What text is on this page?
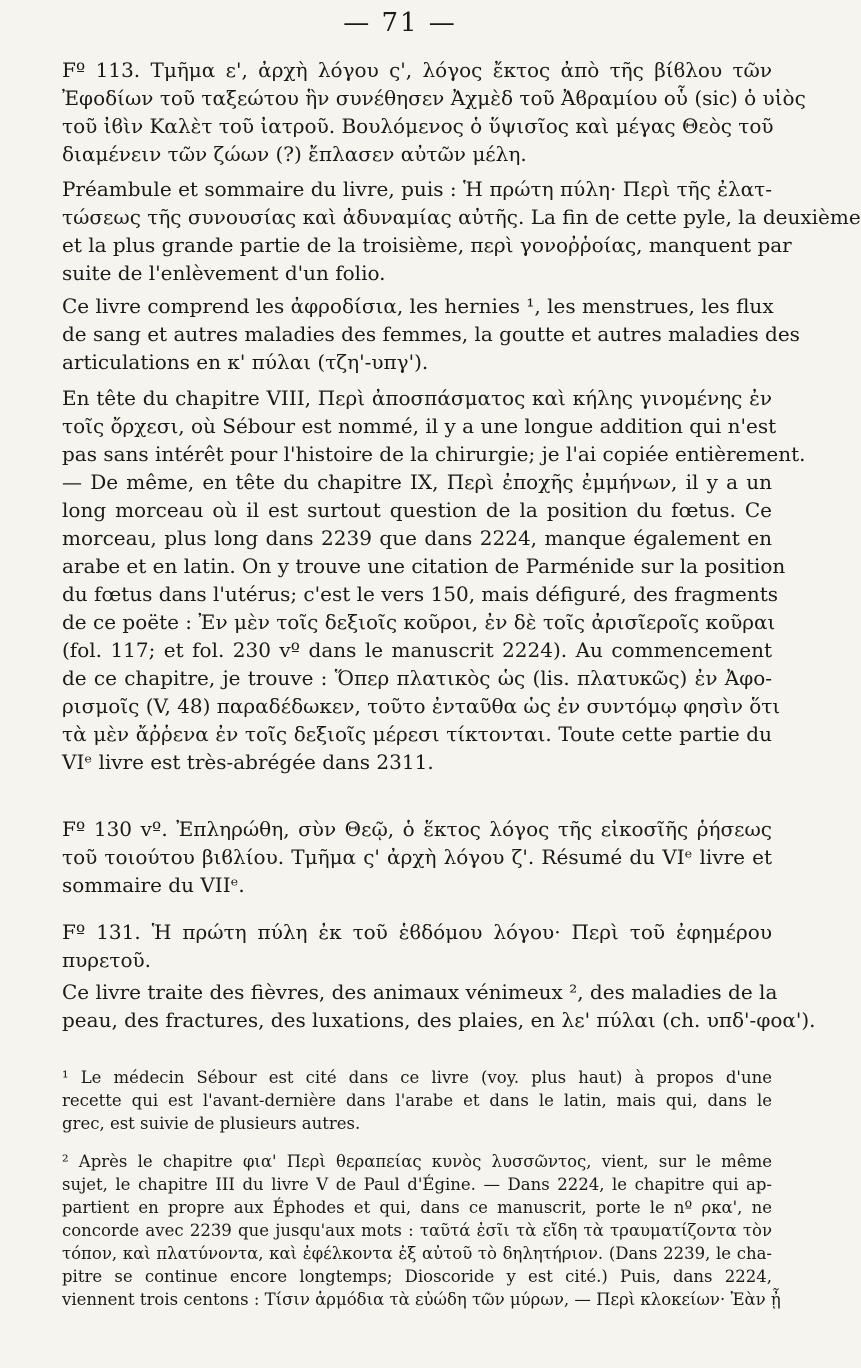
— 71 —
Fº 113. Τμῆμα ε', ἀρχὴ λόγου ς', λόγος ἔκτος ἀπὸ τῆς βίϐλου τῶν
Ἐφοδίων τοῦ ταξεώτου ἣν συνέθησεν Ἀχμὲδ τοῦ Ἀϐραμίου οὗ (sic) ὁ υἱὸς
τοῦ ἰϐὶν Καλὲτ τοῦ ἰατροῦ. Βουλόμενος ὁ ὕψισῖος καὶ μέγας Θεὸς τοῦ
διαμένειν τῶν ζώων (?) ἔπλασεν αὐτῶν μέλη.
Préambule et sommaire du livre, puis : Ἡ πρώτη πύλη· Περὶ τῆς ἐλατ-
τώσεως τῆς συνουσίας καὶ ἀδυναμίας αὐτῆς. La fin de cette pyle, la deuxième
et la plus grande partie de la troisième, περὶ γονοῤῥοίας, manquent par
suite de l'enlèvement d'un folio.
Ce livre comprend les ἀφροδίσια, les hernies ¹, les menstrues, les flux
de sang et autres maladies des femmes, la goutte et autres maladies des
articulations en κ' πύλαι (τζη'-υπγ').
En tête du chapitre VIII, Περὶ ἀποσπάσματος καὶ κήλης γινομένης ἐν
τοῖς ὄρχεσι, où Sébour est nommé, il y a une longue addition qui n'est
pas sans intérêt pour l'histoire de la chirurgie; je l'ai copiée entièrement.
— De même, en tête du chapitre IX, Περὶ ἐποχῆς ἐμμήνων, il y a un
long morceau où il est surtout question de la position du fœtus. Ce
morceau, plus long dans 2239 que dans 2224, manque également en
arabe et en latin. On y trouve une citation de Parménide sur la position
du fœtus dans l'utérus; c'est le vers 150, mais défiguré, des fragments
de ce poëte : Ἐν μὲν τοῖς δεξιοῖς κοῦροι, ἐν δὲ τοῖς ἀρισῖεροῖς κοῦραι
(fol. 117; et fol. 230 vº dans le manuscrit 2224). Au commencement
de ce chapitre, je trouve : Ὅπερ πλατικὸς ὡς (lis. πλατυκῶς) ἐν Ἀφο-
ρισμοῖς (V, 48) παραδέδωκεν, τοῦτο ἐνταῦθα ὡς ἐν συντόμῳ φησὶν ὅτι
τὰ μὲν ἄῤῥενα ἐν τοῖς δεξιοῖς μέρεσι τίκτονται. Toute cette partie du
VIᵉ livre est très-abrégée dans 2311.
Fº 130 vº. Ἐπληρώθη, σὺν Θεῷ, ὁ ἕκτος λόγος τῆς εἰκοσῖῆς ῥήσεως
τοῦ τοιούτου βιϐλίου. Τμῆμα ς' ἀρχὴ λόγου ζ'. Résumé du VIᵉ livre et
sommaire du VIIᵉ.
Fº 131. Ἡ πρώτη πύλη ἐκ τοῦ ἑϐδόμου λόγου· Περὶ τοῦ ἐφημέρου
πυρετοῦ.
Ce livre traite des fièvres, des animaux vénimeux ², des maladies de la
peau, des fractures, des luxations, des plaies, en λε' πύλαι (ch. υπδ'-φοα').
¹ Le médecin Sébour est cité dans ce livre (voy. plus haut) à propos d'une
recette qui est l'avant-dernière dans l'arabe et dans le latin, mais qui, dans le
grec, est suivie de plusieurs autres.
² Après le chapitre φια' Περὶ θεραπείας κυνὸς λυσσῶντος, vient, sur le même
sujet, le chapitre III du livre V de Paul d'Égine. — Dans 2224, le chapitre qui ap-
partient en propre aux Éphodes et qui, dans ce manuscrit, porte le nº ρκα', ne
concorde avec 2239 que jusqu'aux mots : ταῦτά ἐσῖι τὰ εἴδη τὰ τραυματίζοντα τὸν
τόπον, καὶ πλατύνοντα, καὶ ἐφέλκοντα ἐξ αὐτοῦ τὸ δηλητήριον. (Dans 2239, le cha-
pitre se continue encore longtemps; Dioscoride y est cité.) Puis, dans 2224,
viennent trois centons : Τίσιν ἁρμόδια τὰ εὐώδη τῶν μύρων, — Περὶ κλοκείων· Ἐὰν ᾖ
